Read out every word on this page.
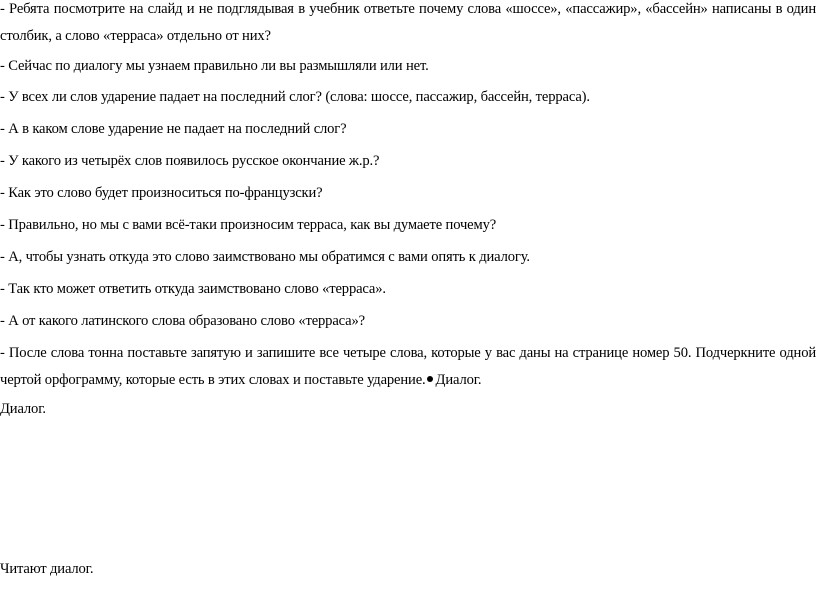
- Ребята посмотрите на слайд и не подглядывая в учебник ответьте почему слова «шоссе», «пассажир», «бассейн» написаны в один столбик, а слово «терраса» отдельно от них?

- Сейчас по диалогу мы узнаем правильно ли вы размышляли или нет.

- У всех ли слов ударение падает на последний слог? (слова: шоссе, пассажир, бассейн, терраса).

- А в каком слове ударение не падает на последний слог?

- У какого из четырёх слов появилось русское окончание ж.р.?

- Как это слово будет произноситься по-французски?

- Правильно, но мы с вами всё-таки произносим терраса, как вы думаете почему?

- А, чтобы узнать откуда это слово заимствовано мы обратимся с вами опять к диалогу.

- Так кто может ответить откуда заимствовано слово «терраса».

- А от какого латинского слова образовано слово «терраса»?

- После слова тонна поставьте запятую и запишите все четыре слова, которые у вас даны на странице номер 50. Подчеркните одной чертой орфограмму, которые есть в этих словах и поставьте ударение. Диалог.

Диалог.

Читают диалог.
